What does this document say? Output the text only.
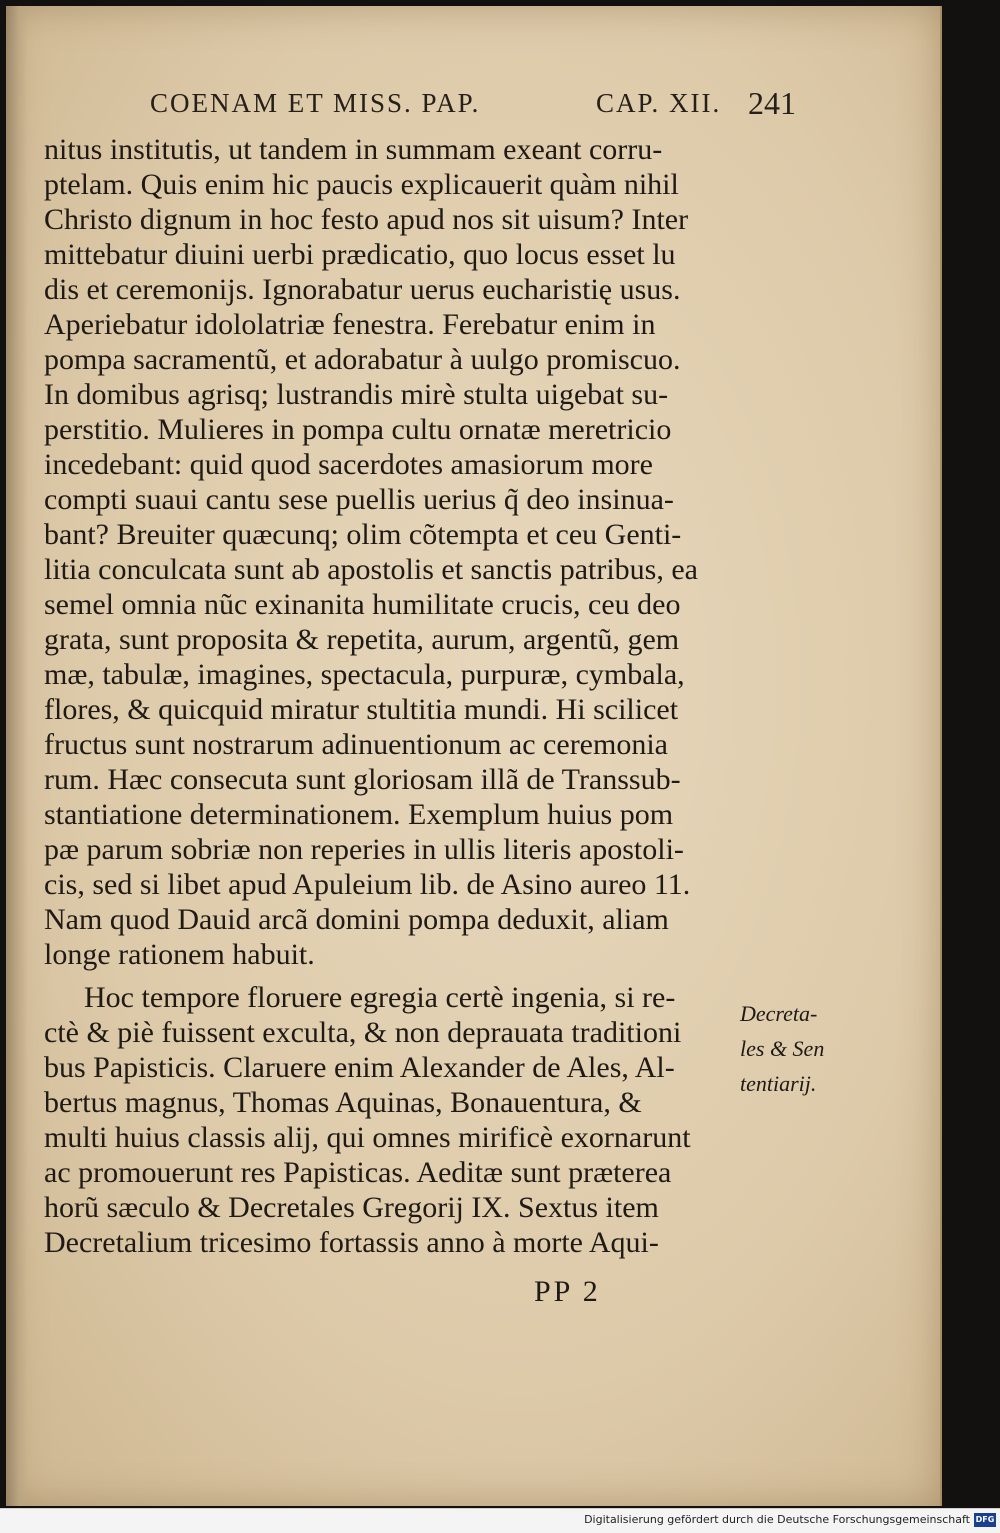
COENAM ET MISS. PAP.	CAP. XII. 241
nitus institutis, ut tandem in summam exeant corru-
ptelam. Quis enim hic paucis explicauerit quàm nihil
Christo dignum in hoc festo apud nos sit uisum? Inter
mittebatur diuini uerbi prædicatio, quo locus esset lu
dis et ceremonijs. Ignorabatur uerus eucharistię usus.
Aperiebatur idololatriæ fenestra. Ferebatur enim in
pompa sacramentũ, et adorabatur à uulgo promiscuo.
In domibus agrisq; lustrandis mirè stulta uigebat su-
perstitio. Mulieres in pompa cultu ornatæ meretricio
incedebant: quid quod sacerdotes amasiorum more
compti suaui cantu sese puellis uerius q̃ deo insinua-
bant? Breuiter quæcunq; olim cõtempta et ceu Genti-
litia conculcata sunt ab apostolis et sanctis patribus, ea
semel omnia nũc exinanita humilitate crucis, ceu deo
grata, sunt proposita & repetita, aurum, argentũ, gem
mæ, tabulæ, imagines, spectacula, purpuræ, cymbala,
flores, & quicquid miratur stultitia mundi. Hi scilicet
fructus sunt nostrarum adinuentionum ac ceremonia
rum. Hæc consecuta sunt gloriosam illã de Transsub-
stantiatione determinationem. Exemplum huius pom
pæ parum sobriæ non reperies in ullis literis apostoli-
cis, sed si libet apud Apuleium lib. de Asino aureo 11.
Nam quod Dauid arcã domini pompa deduxit, aliam
longe rationem habuit.
Hoc tempore floruere egregia certè ingenia, si re-
ctè & piè fuissent exculta, & non deprauata traditioni
bus Papisticis. Claruere enim Alexander de Ales, Al-
bertus magnus, Thomas Aquinas, Bonauentura, &
multi huius classis alij, qui omnes mirificè exornarunt
ac promouerunt res Papisticas. Aeditæ sunt præterea
horũ sæculo & Decretales Gregorij IX. Sextus item
Decretalium tricesimo fortassis anno à morte Aqui-
Decreta-
les & Sen
tentiarij.
PP 2
Digitalisierung gefördert durch die Deutsche Forschungsgemeinschaft DFG
